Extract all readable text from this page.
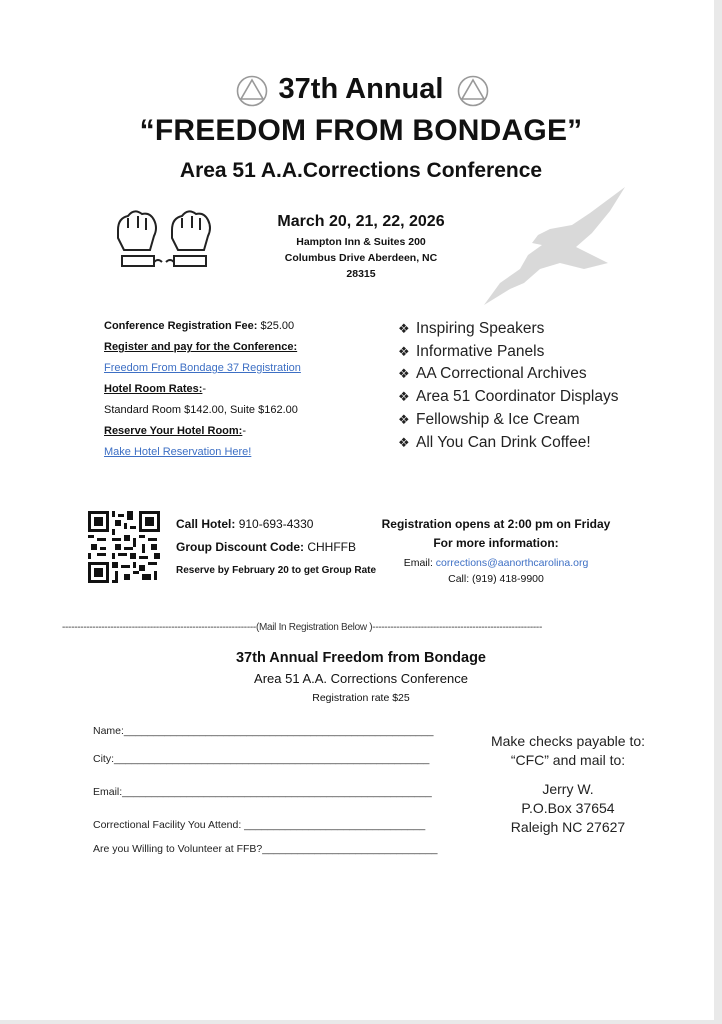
37th Annual
“FREEDOM FROM BONDAGE”
Area 51 A.A.Corrections Conference
March 20, 21, 22, 2026
Hampton Inn & Suites 200
Columbus Drive Aberdeen, NC
28315
Conference Registration Fee: $25.00
Register and pay for the Conference:
Freedom From Bondage 37 Registration
Hotel Room Rates:-
Standard Room $142.00, Suite $162.00
Reserve Your Hotel Room:-
Make Hotel Reservation Here!
❖ Inspiring Speakers
❖ Informative Panels
❖ AA Correctional Archives
❖ Area 51 Coordinator Displays
❖ Fellowship & Ice Cream
❖ All You Can Drink Coffee!
Call Hotel: 910-693-4330
Group Discount Code: CHHFFB
Reserve by February 20 to get Group Rate
Registration opens at 2:00 pm on Friday
For more information:
Email: corrections@aanorthcarolina.org
Call: (919) 418-9900
----------------------------------------------------------------(Mail In Registration Below )--------------------------------------------------------
37th Annual Freedom from Bondage
Area 51 A.A. Corrections Conference
Registration rate $25
Name:_____________________________________________________
City:______________________________________________________
Email:_____________________________________________________
Correctional Facility You Attend: _______________________________
Are you Willing to Volunteer at FFB?______________________________
Make checks payable to:
“CFC” and mail to:
Jerry W.
P.O.Box 37654
Raleigh NC 27627
